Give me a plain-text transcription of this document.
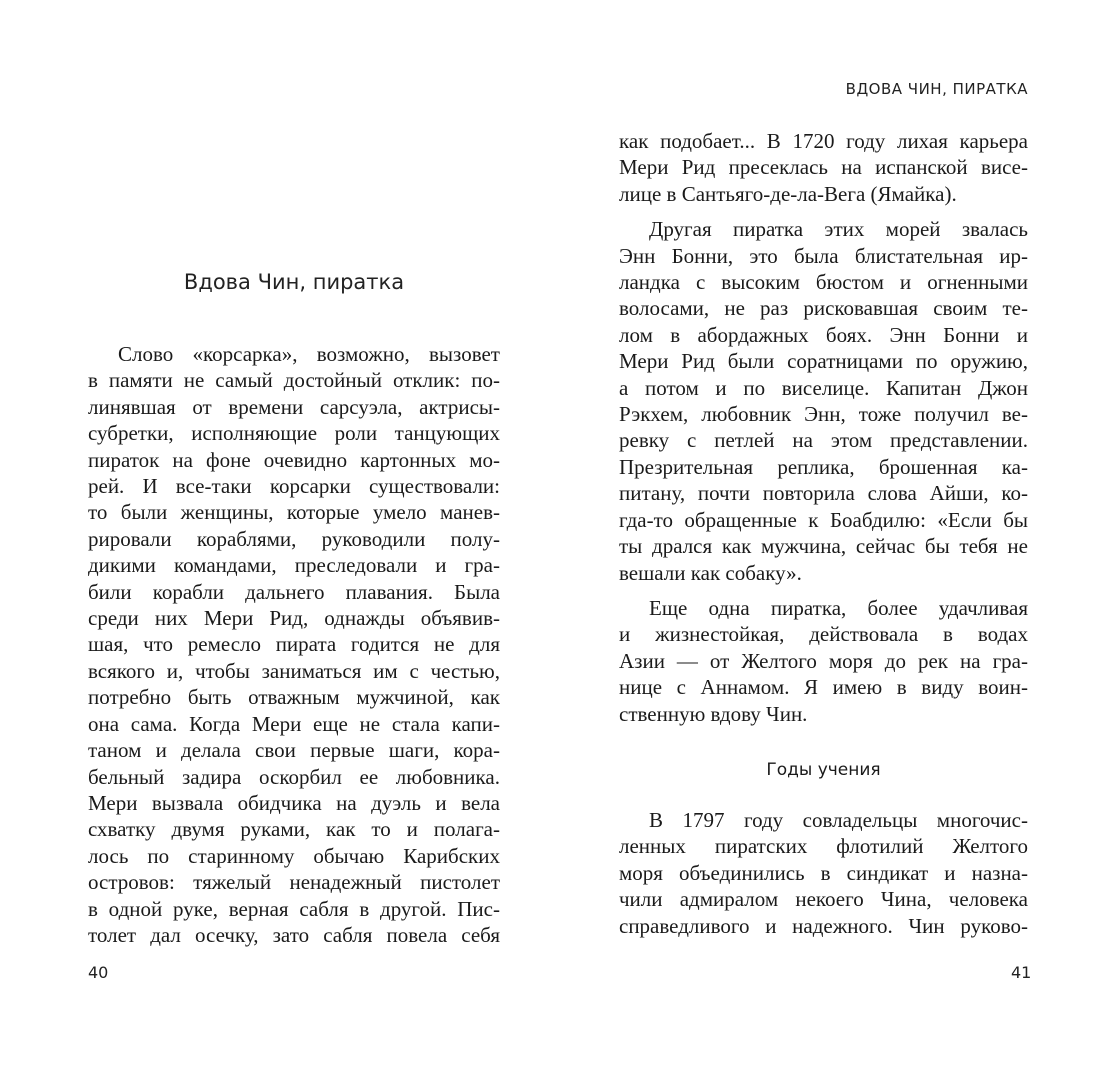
Вдова Чин, пиратка
Слово «корсарка», возможно, вызовет
в памяти не самый достойный отклик: по-
линявшая от времени сарсуэла, актрисы-
субретки, исполняющие роли танцующих
пираток на фоне очевидно картонных мо-
рей. И все-таки корсарки существовали:
то были женщины, которые умело манев-
рировали кораблями, руководили полу-
дикими командами, преследовали и гра-
били корабли дальнего плавания. Была
среди них Мери Рид, однажды объявив-
шая, что ремесло пирата годится не для
всякого и, чтобы заниматься им с честью,
потребно быть отважным мужчиной, как
она сама. Когда Мери еще не стала капи-
таном и делала свои первые шаги, кора-
бельный задира оскорбил ее любовника.
Мери вызвала обидчика на дуэль и вела
схватку двумя руками, как то и полага-
лось по старинному обычаю Карибских
островов: тяжелый ненадежный пистолет
в одной руке, верная сабля в другой. Пис-
толет дал осечку, зато сабля повела себя
40
ВДОВА ЧИН, ПИРАТКА
как подобает... В 1720 году лихая карьера
Мери Рид пресеклась на испанской висе-
лице в Сантьяго-де-ла-Вега (Ямайка).
Другая пиратка этих морей звалась
Энн Бонни, это была блистательная ир-
ландка с высоким бюстом и огненными
волосами, не раз рисковавшая своим те-
лом в абордажных боях. Энн Бонни и
Мери Рид были соратницами по оружию,
а потом и по виселице. Капитан Джон
Рэкхем, любовник Энн, тоже получил ве-
ревку с петлей на этом представлении.
Презрительная реплика, брошенная ка-
питану, почти повторила слова Айши, ко-
гда-то обращенные к Боабдилю: «Если бы
ты дрался как мужчина, сейчас бы тебя не
вешали как собаку».
Еще одна пиратка, более удачливая
и жизнестойкая, действовала в водах
Азии — от Желтого моря до рек на гра-
нице с Аннамом. Я имею в виду воин-
ственную вдову Чин.
Годы учения
В 1797 году совладельцы многочис-
ленных пиратских флотилий Желтого
моря объединились в синдикат и назна-
чили адмиралом некоего Чина, человека
справедливого и надежного. Чин руково-
41
